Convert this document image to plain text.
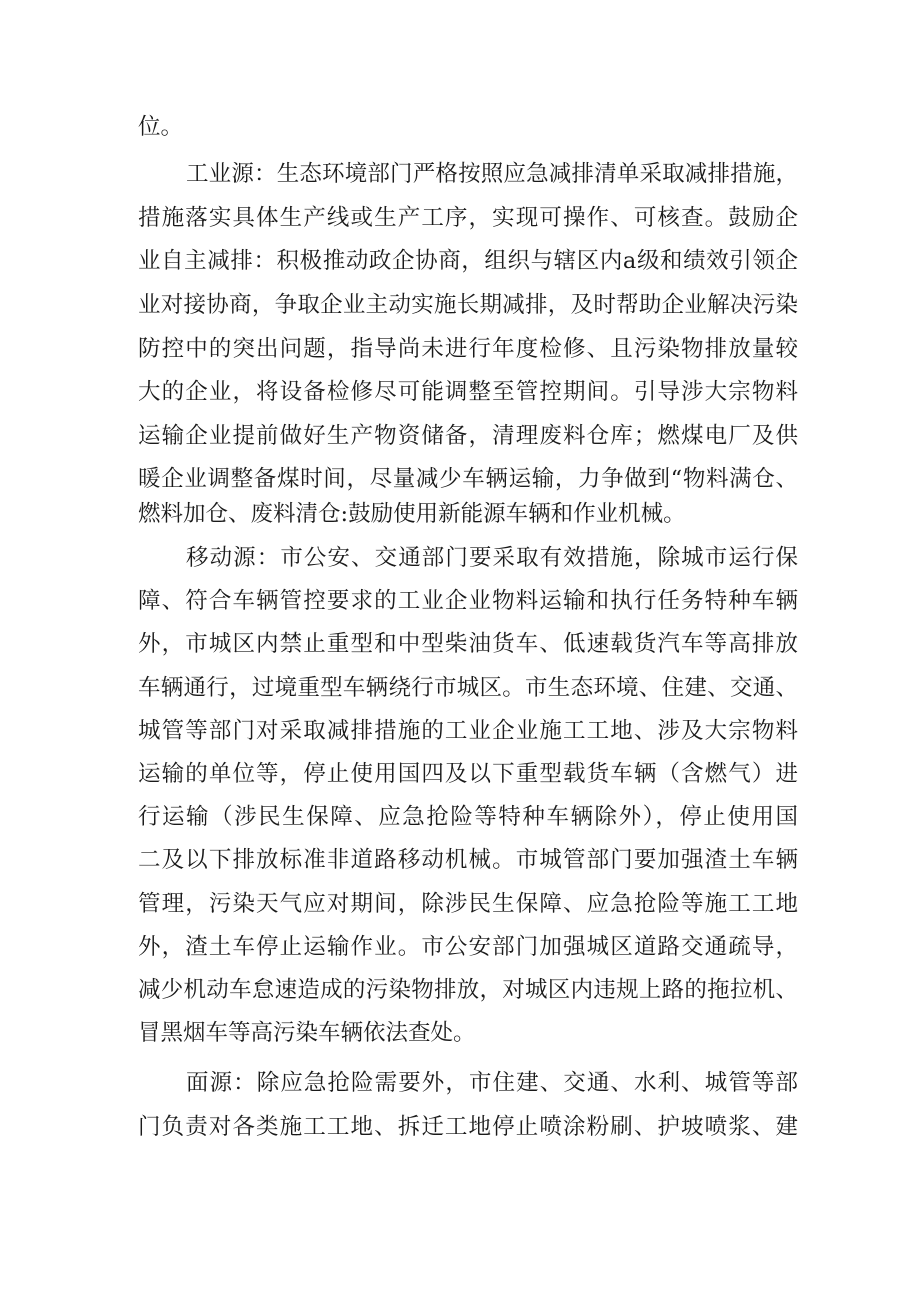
位。
工业源：生态环境部门严格按照应急减排清单采取减排措施，
措施落实具体生产线或生产工序，实现可操作、可核查。鼓励企
业自主减排：积极推动政企协商，组织与辖区内a级和绩效引领企
业对接协商，争取企业主动实施长期减排，及时帮助企业解决污染
防控中的突出问题，指导尚未进行年度检修、且污染物排放量较
大的企业，将设备检修尽可能调整至管控期间。引导涉大宗物料
运输企业提前做好生产物资储备，清理废料仓库；燃煤电厂及供
暖企业调整备煤时间，尽量减少车辆运输，力争做到“物料满仓、
燃料加仓、废料清仓:鼓励使用新能源车辆和作业机械。
移动源：市公安、交通部门要采取有效措施，除城市运行保
障、符合车辆管控要求的工业企业物料运输和执行任务特种车辆
外，市城区内禁止重型和中型柴油货车、低速载货汽车等高排放
车辆通行，过境重型车辆绕行市城区。市生态环境、住建、交通、
城管等部门对采取减排措施的工业企业施工工地、涉及大宗物料
运输的单位等，停止使用国四及以下重型载货车辆（含燃气）进
行运输（涉民生保障、应急抢险等特种车辆除外），停止使用国
二及以下排放标准非道路移动机械。市城管部门要加强渣土车辆
管理，污染天气应对期间，除涉民生保障、应急抢险等施工工地
外，渣土车停止运输作业。市公安部门加强城区道路交通疏导，
减少机动车怠速造成的污染物排放，对城区内违规上路的拖拉机、
冒黑烟车等高污染车辆依法查处。
面源：除应急抢险需要外，市住建、交通、水利、城管等部
门负责对各类施工工地、拆迁工地停止喷涂粉刷、护坡喷浆、建
